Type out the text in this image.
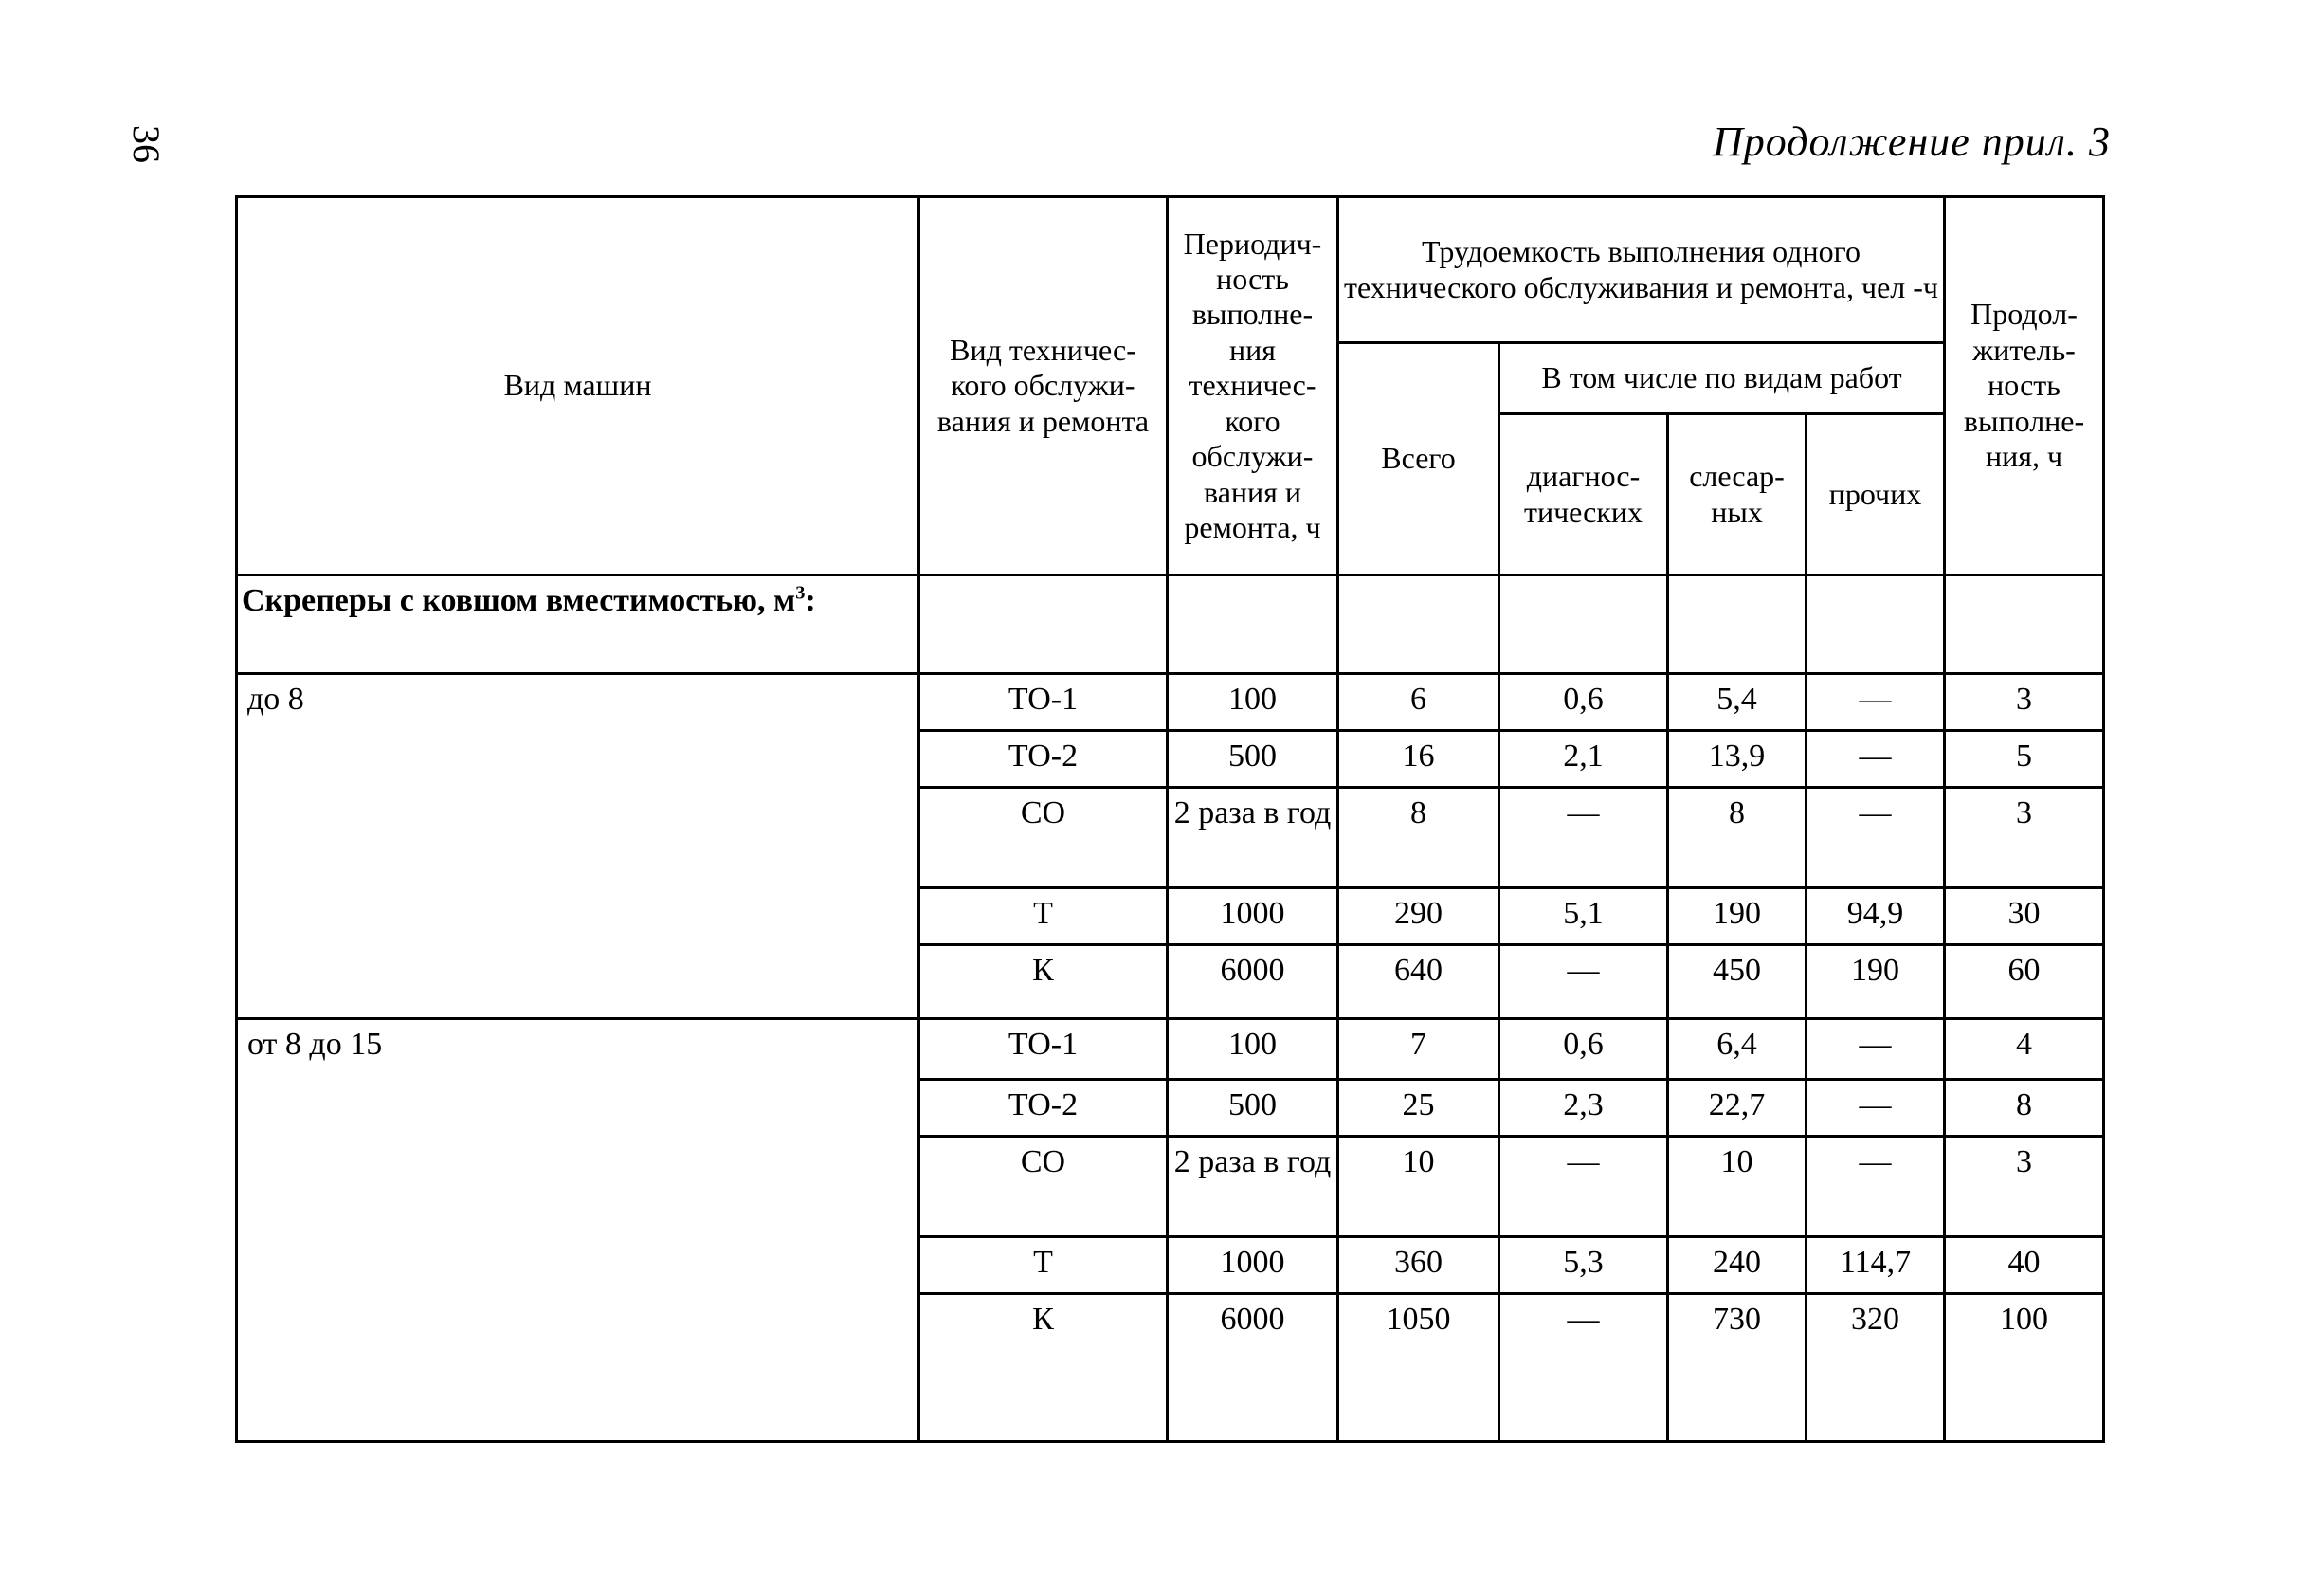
36	Продолжение прил. 3
Вид машин	Вид техничес-кого обслужи-вания и ремонта	Периодич-ность выполне-ния техничес-кого обслужи-вания и ремонта, ч	Трудоемкость выполнения одного технического обслуживания и ремонта, чел -ч				Продол-житель-ность выполне-ния, ч
			Всего	В том числе по видам работ			
				диагнос-тических	слесар-ных	прочих	
Скреперы с ковшом вместимостью, $м^3$:							
до 8	ТО-1	100	6	0,6	5,4	—	3
	ТО-2	500	16	2,1	13,9	—	5
	СО	2 раза в год	8	—	8	—	3
	Т	1000	290	5,1	190	94,9	30
	К	6000	640	—	450	190	60
от 8 до 15	ТО-1	100	7	0,6	6,4	—	4
	ТО-2	500	25	2,3	22,7	—	8
	СО	2 раза в год	10	—	10	—	3
	Т	1000	360	5,3	240	114,7	40
	К	6000	1050	—	730	320	100
